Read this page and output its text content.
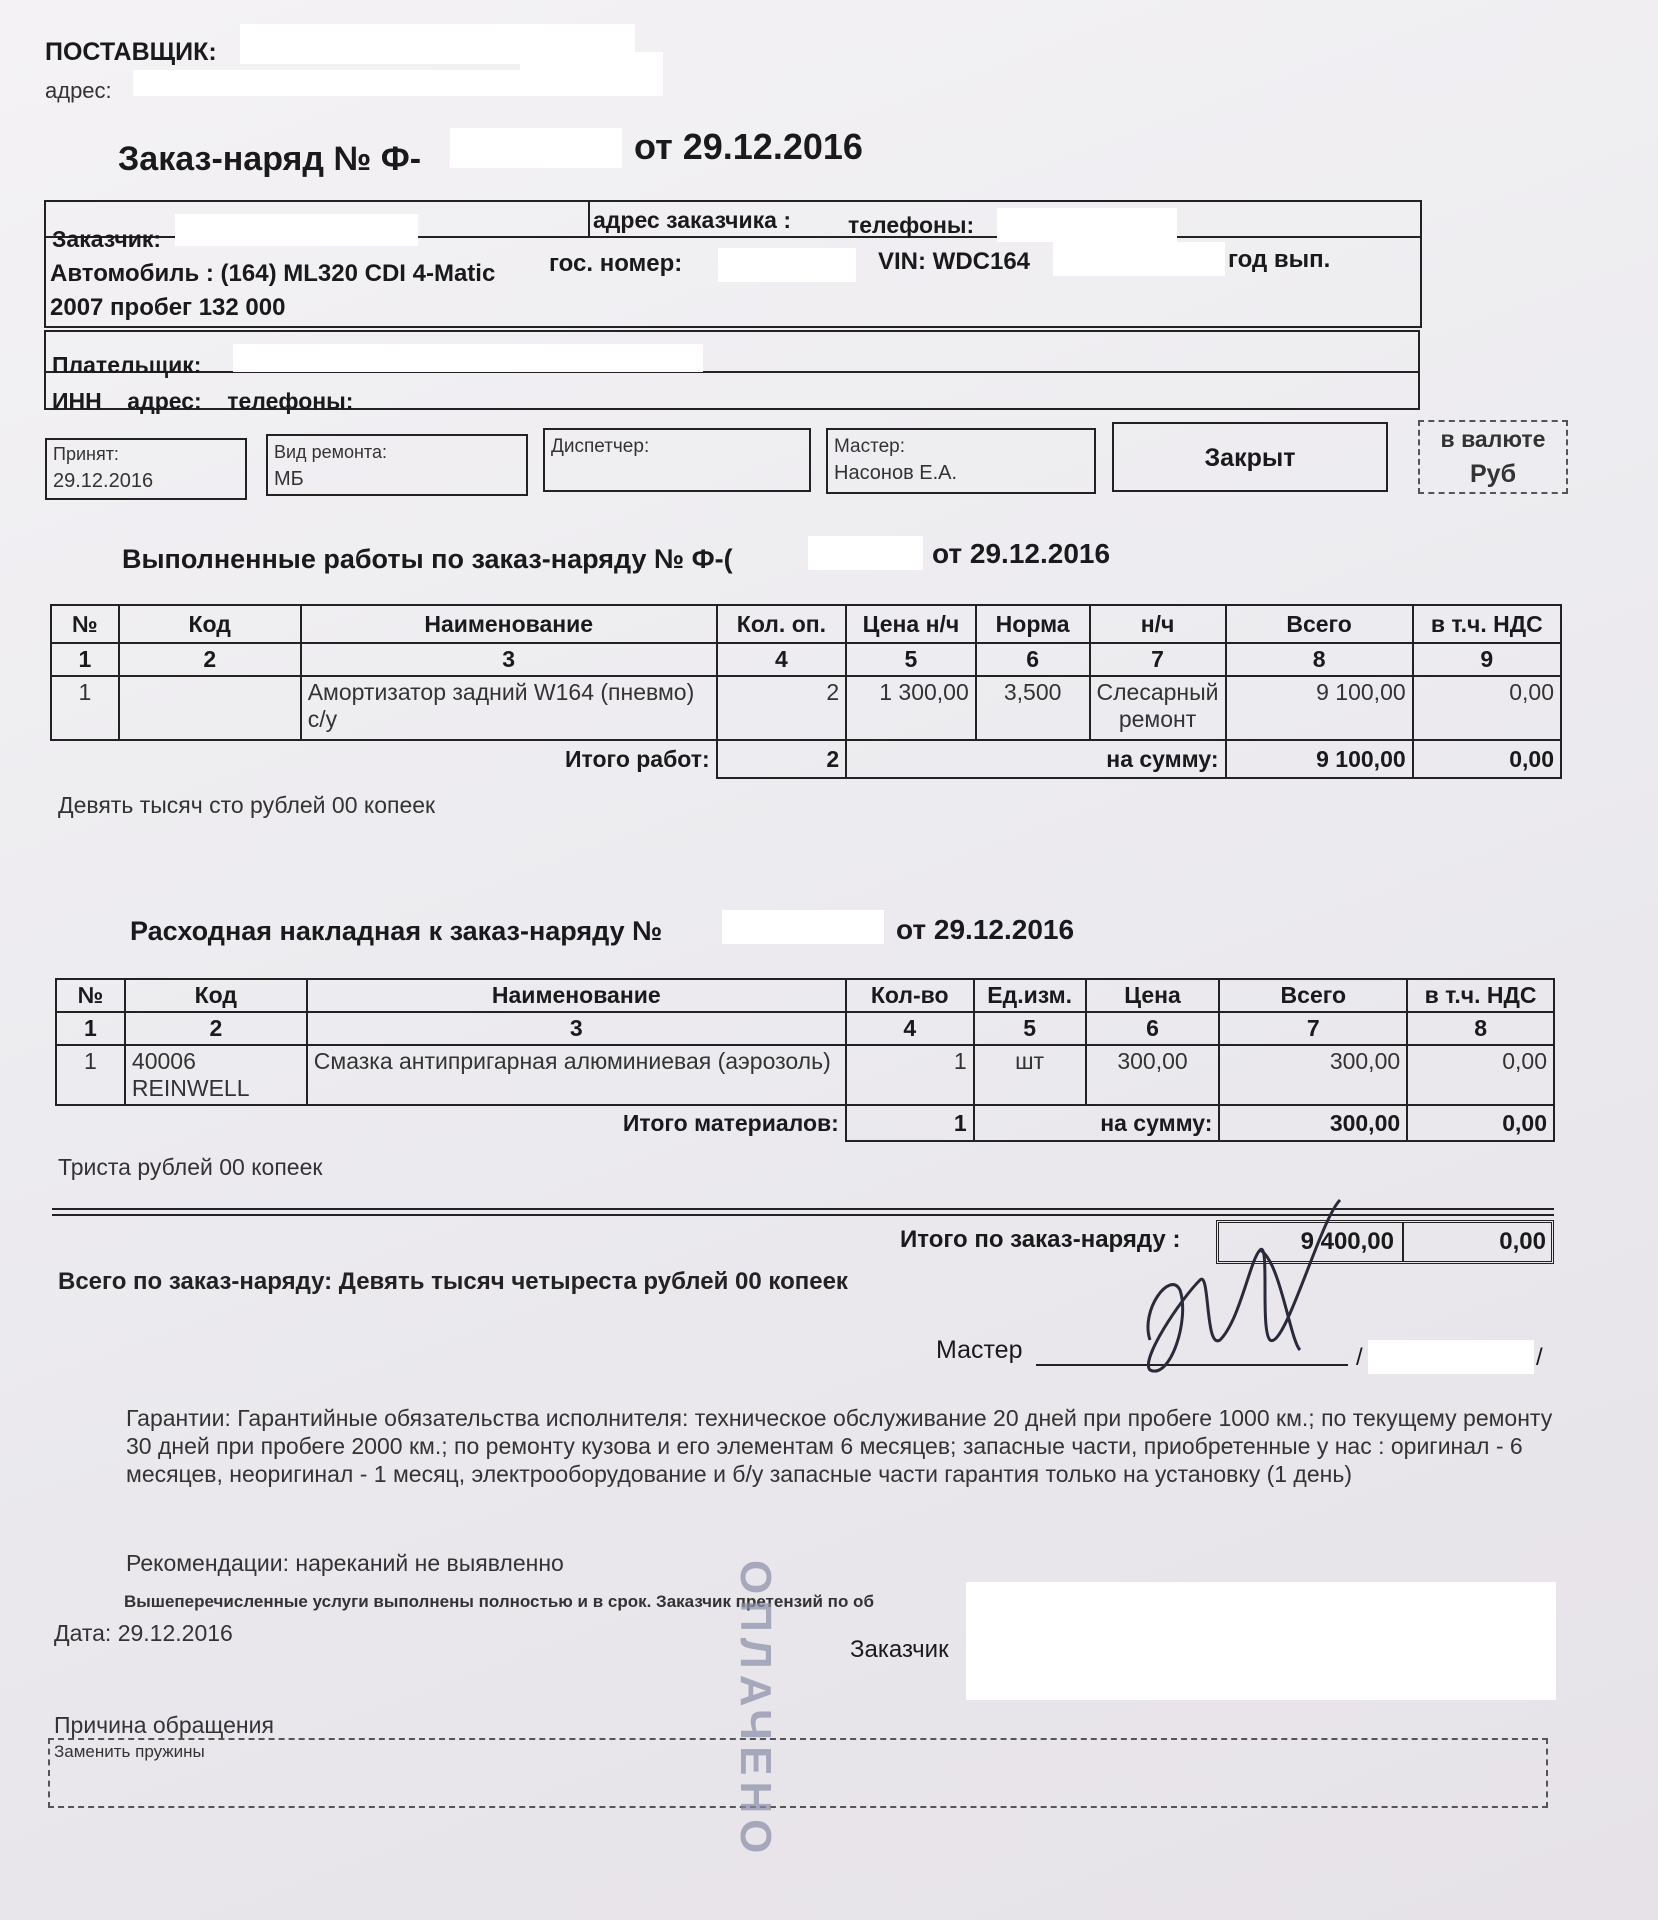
ПОСТАВЩИК:
адрес:
Заказ-наряд № Ф-	от 29.12.2016
Заказчик:
адрес заказчика : телефоны:
Автомобиль : (164) ML320 CDI 4-Matic гос. номер:	VIN: WDC164	год вып.
2007 пробег 132 000
Плательщик:
ИНН    адрес:    телефоны:
Принят:
29.12.2016
Вид ремонта:
МБ
Диспетчер:	Мастер:
Насонов Е.А.
Закрыт
в валюте
Руб
Выполненные работы по заказ-наряду № Ф-(	от 29.12.2016
№	Код	Наименование	Кол. оп.	Цена н/ч	Норма	н/ч	Всего	в т.ч. НДС
1	2	3	4	5	6	7	8	9
1		Амортизатор задний W164 (пневмо) с/у	2	1 300,00	3,500	Слесарный ремонт	9 100,00	0,00
Итого работ:			2	на сумму:			9 100,00	0,00
Девять тысяч сто рублей 00 копеек
Расходная накладная к заказ-наряду №	от 29.12.2016
№	Код	Наименование	Кол-во	Ед.изм.	Цена	Всего	в т.ч. НДС
1	2	3	4	5	6	7	8
1	40006 REINWELL	Смазка антипригарная алюминиевая (аэрозоль)	1	шт	300,00	300,00	0,00
Итого материалов:			1	на сумму:		300,00	0,00
Триста рублей 00 копеек
Итого по заказ-наряду :	9 400,00	0,00
Всего по заказ-наряду: Девять тысяч четыреста рублей 00 копеек
Мастер	/	/
Гарантии: Гарантийные обязательства исполнителя: техническое обслуживание 20 дней при пробеге 1000 км.; по текущему ремонту 30 дней при пробеге 2000 км.; по ремонту кузова и его элементам 6 месяцев; запасные части, приобретенные у нас : оригинал - 6 месяцев, неоригинал - 1 месяц, электрооборудование и б/у запасные части гарантия только на установку (1 день)
Рекомендации: нареканий не выявленно
Вышеперечисленные услуги выполнены полностью и в срок. Заказчик претензий по об
Дата: 29.12.2016
Заказчик
Причина обращения
Заменить пружины	ОПЛАЧЕНО
